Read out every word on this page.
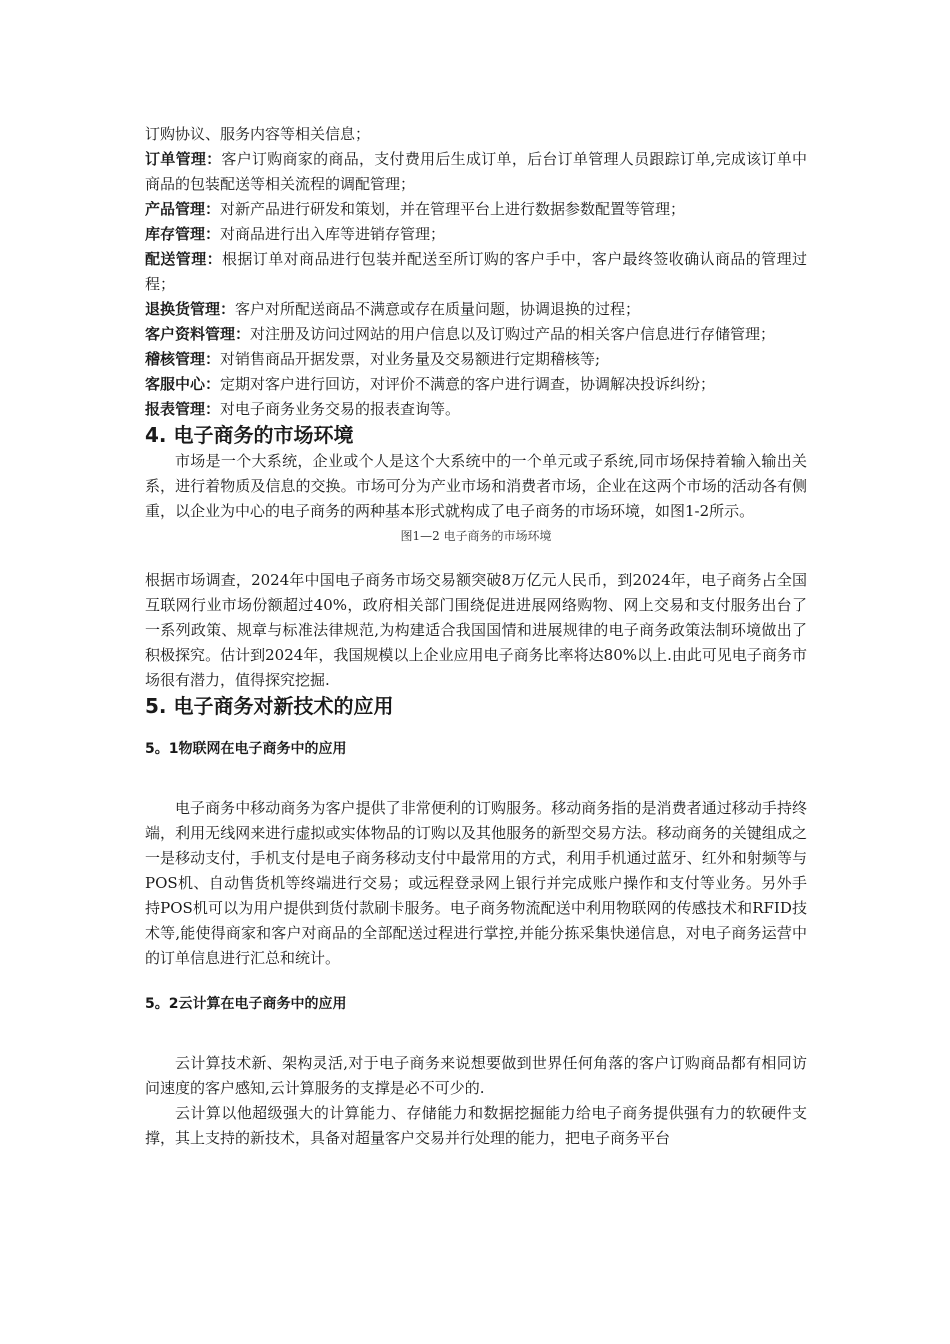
订购协议、服务内容等相关信息；

订单管理：客户订购商家的商品，支付费用后生成订单，后台订单管理人员跟踪订单,完成该订单中商品的包装配送等相关流程的调配管理；

产品管理：对新产品进行研发和策划，并在管理平台上进行数据参数配置等管理；

库存管理：对商品进行出入库等进销存管理；

配送管理：根据订单对商品进行包装并配送至所订购的客户手中，客户最终签收确认商品的管理过程；

退换货管理：客户对所配送商品不满意或存在质量问题，协调退换的过程；

客户资料管理：对注册及访问过网站的用户信息以及订购过产品的相关客户信息进行存储管理；

稽核管理：对销售商品开据发票，对业务量及交易额进行定期稽核等;

客服中心：定期对客户进行回访，对评价不满意的客户进行调查，协调解决投诉纠纷；

报表管理：对电子商务业务交易的报表查询等。

4. 电子商务的市场环境

市场是一个大系统，企业或个人是这个大系统中的一个单元或子系统,同市场保持着输入输出关系，进行着物质及信息的交换。市场可分为产业市场和消费者市场，企业在这两个市场的活动各有侧重，以企业为中心的电子商务的两种基本形式就构成了电子商务的市场环境，如图1-2所示。

图1—2 电子商务的市场环境

根据市场调查，2024年中国电子商务市场交易额突破8万亿元人民币，到2024年，电子商务占全国互联网行业市场份额超过40%，政府相关部门围绕促进进展网络购物、网上交易和支付服务出台了一系列政策、规章与标准法律规范,为构建适合我国国情和进展规律的电子商务政策法制环境做出了积极探究。估计到2024年，我国规模以上企业应用电子商务比率将达80%以上.由此可见电子商务市场很有潜力，值得探究挖掘.

5. 电子商务对新技术的应用
5。1物联网在电子商务中的应用

电子商务中移动商务为客户提供了非常便利的订购服务。移动商务指的是消费者通过移动手持终端，利用无线网来进行虚拟或实体物品的订购以及其他服务的新型交易方法。移动商务的关键组成之一是移动支付，手机支付是电子商务移动支付中最常用的方式，利用手机通过蓝牙、红外和射频等与POS机、自动售货机等终端进行交易；或远程登录网上银行并完成账户操作和支付等业务。另外手持POS机可以为用户提供到货付款刷卡服务。电子商务物流配送中利用物联网的传感技术和RFID技术等,能使得商家和客户对商品的全部配送过程进行掌控,并能分拣采集快递信息，对电子商务运营中的订单信息进行汇总和统计。

5。2云计算在电子商务中的应用

云计算技术新、架构灵活,对于电子商务来说想要做到世界任何角落的客户订购商品都有相同访问速度的客户感知,云计算服务的支撑是必不可少的.

云计算以他超级强大的计算能力、存储能力和数据挖掘能力给电子商务提供强有力的软硬件支撑，其上支持的新技术，具备对超量客户交易并行处理的能力，把电子商务平台
